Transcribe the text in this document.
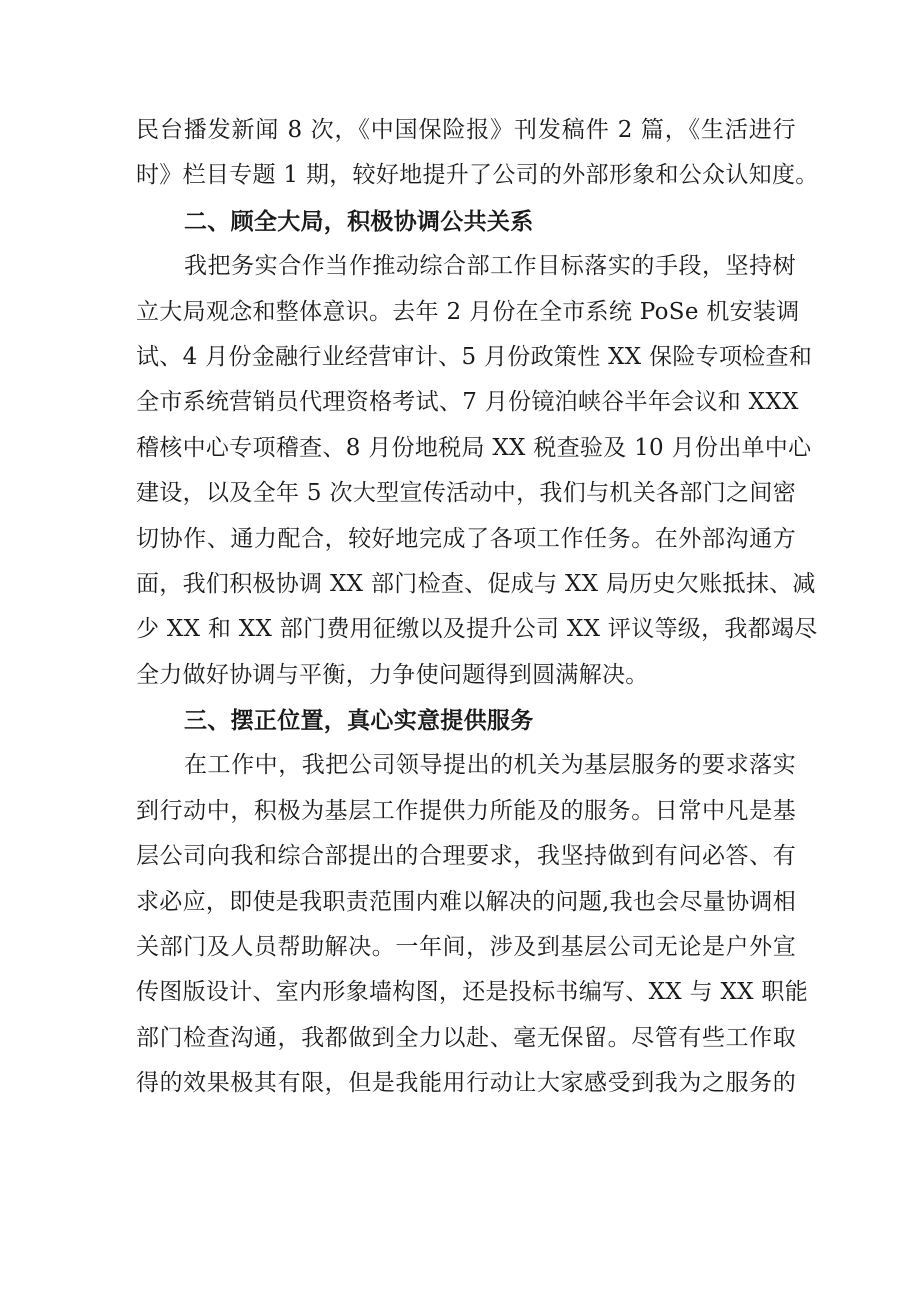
民台播发新闻 8 次，《中国保险报》刊发稿件 2 篇，《生活进行
时》栏目专题 1 期，较好地提升了公司的外部形象和公众认知度。
二、顾全大局，积极协调公共关系
我把务实合作当作推动综合部工作目标落实的手段，坚持树
立大局观念和整体意识。去年 2 月份在全市系统 PoSe 机安装调
试、4 月份金融行业经营审计、5 月份政策性 XX 保险专项检查和
全市系统营销员代理资格考试、7 月份镜泊峡谷半年会议和 XXX
稽核中心专项稽查、8 月份地税局 XX 税查验及 10 月份出单中心
建设，以及全年 5 次大型宣传活动中，我们与机关各部门之间密
切协作、通力配合，较好地完成了各项工作任务。在外部沟通方
面，我们积极协调 XX 部门检查、促成与 XX 局历史欠账抵抹、减
少 XX 和 XX 部门费用征缴以及提升公司 XX 评议等级，我都竭尽
全力做好协调与平衡，力争使问题得到圆满解决。
三、摆正位置，真心实意提供服务
在工作中，我把公司领导提出的机关为基层服务的要求落实
到行动中，积极为基层工作提供力所能及的服务。日常中凡是基
层公司向我和综合部提出的合理要求，我坚持做到有问必答、有
求必应，即使是我职责范围内难以解决的问题,我也会尽量协调相
关部门及人员帮助解决。一年间，涉及到基层公司无论是户外宣
传图版设计、室内形象墙构图，还是投标书编写、XX 与 XX 职能
部门检查沟通，我都做到全力以赴、毫无保留。尽管有些工作取
得的效果极其有限，但是我能用行动让大家感受到我为之服务的
